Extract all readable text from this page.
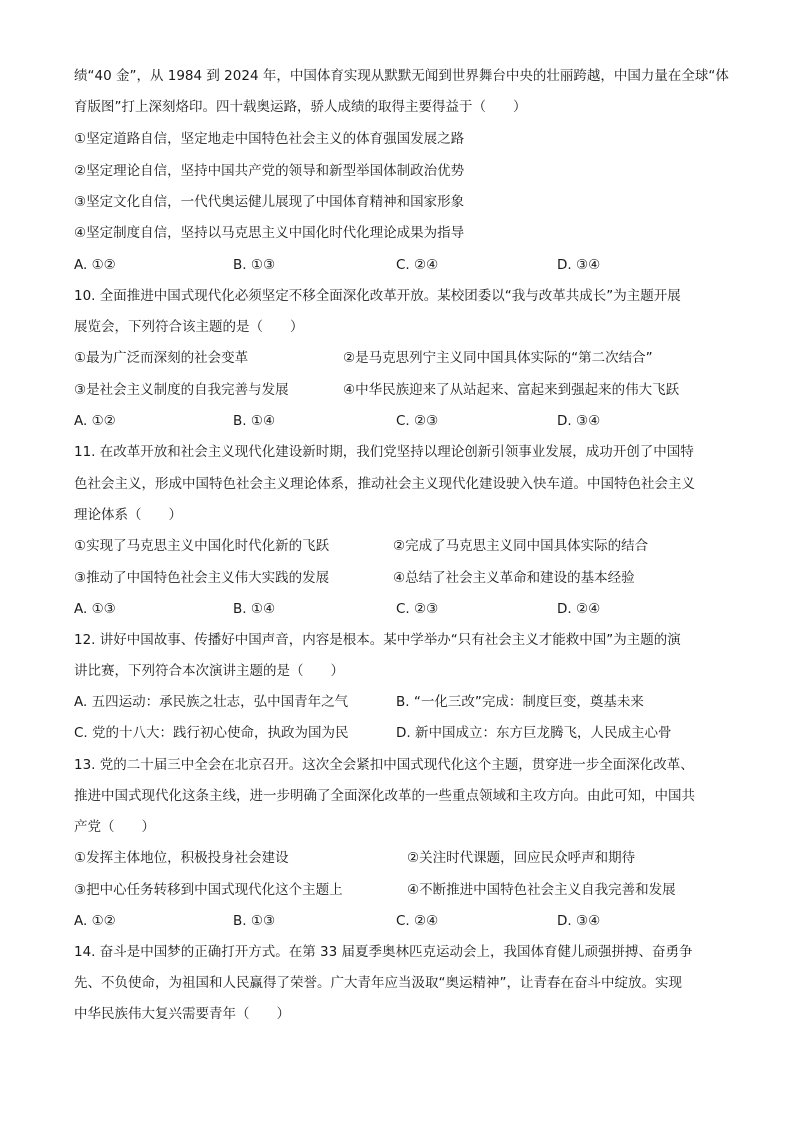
绩“40 金”，从 1984 到 2024 年，中国体育实现从默默无闻到世界舞台中央的壮丽跨越，中国力量在全球“体
育版图”打上深刻烙印。四十载奥运路，骄人成绩的取得主要得益于（　　）
①坚定道路自信，坚定地走中国特色社会主义的体育强国发展之路
②坚定理论自信，坚持中国共产党的领导和新型举国体制政治优势
③坚定文化自信，一代代奥运健儿展现了中国体育精神和国家形象
④坚定制度自信，坚持以马克思主义中国化时代化理论成果为指导
A. ①②	B. ①③	C. ②④	D. ③④
10. 全面推进中国式现代化必须坚定不移全面深化改革开放。某校团委以“我与改革共成长”为主题开展
展览会，下列符合该主题的是（　　）
①最为广泛而深刻的社会变革	②是马克思列宁主义同中国具体实际的“第二次结合”
③是社会主义制度的自我完善与发展	④中华民族迎来了从站起来、富起来到强起来的伟大飞跃
A. ①②	B. ①④	C. ②③	D. ③④
11. 在改革开放和社会主义现代化建设新时期，我们党坚持以理论创新引领事业发展，成功开创了中国特
色社会主义，形成中国特色社会主义理论体系，推动社会主义现代化建设驶入快车道。中国特色社会主义
理论体系（　　）
①实现了马克思主义中国化时代化新的飞跃	②完成了马克思主义同中国具体实际的结合
③推动了中国特色社会主义伟大实践的发展	④总结了社会主义革命和建设的基本经验
A. ①③	B. ①④	C. ②③	D. ②④
12. 讲好中国故事、传播好中国声音，内容是根本。某中学举办“只有社会主义才能救中国”为主题的演
讲比赛，下列符合本次演讲主题的是（　　）
A. 五四运动：承民族之壮志，弘中国青年之气	B. “一化三改”完成：制度巨变，奠基未来
C. 党的十八大：践行初心使命，执政为国为民	D. 新中国成立：东方巨龙腾飞，人民成主心骨
13. 党的二十届三中全会在北京召开。这次全会紧扣中国式现代化这个主题，贯穿进一步全面深化改革、
推进中国式现代化这条主线，进一步明确了全面深化改革的一些重点领域和主攻方向。由此可知，中国共
产党（　　）
①发挥主体地位，积极投身社会建设	②关注时代课题，回应民众呼声和期待
③把中心任务转移到中国式现代化这个主题上	④不断推进中国特色社会主义自我完善和发展
A. ①②	B. ①③	C. ②④	D. ③④
14. 奋斗是中国梦的正确打开方式。在第 33 届夏季奥林匹克运动会上，我国体育健儿顽强拼搏、奋勇争
先、不负使命，为祖国和人民赢得了荣誉。广大青年应当汲取“奥运精神”，让青春在奋斗中绽放。实现
中华民族伟大复兴需要青年（　　）
